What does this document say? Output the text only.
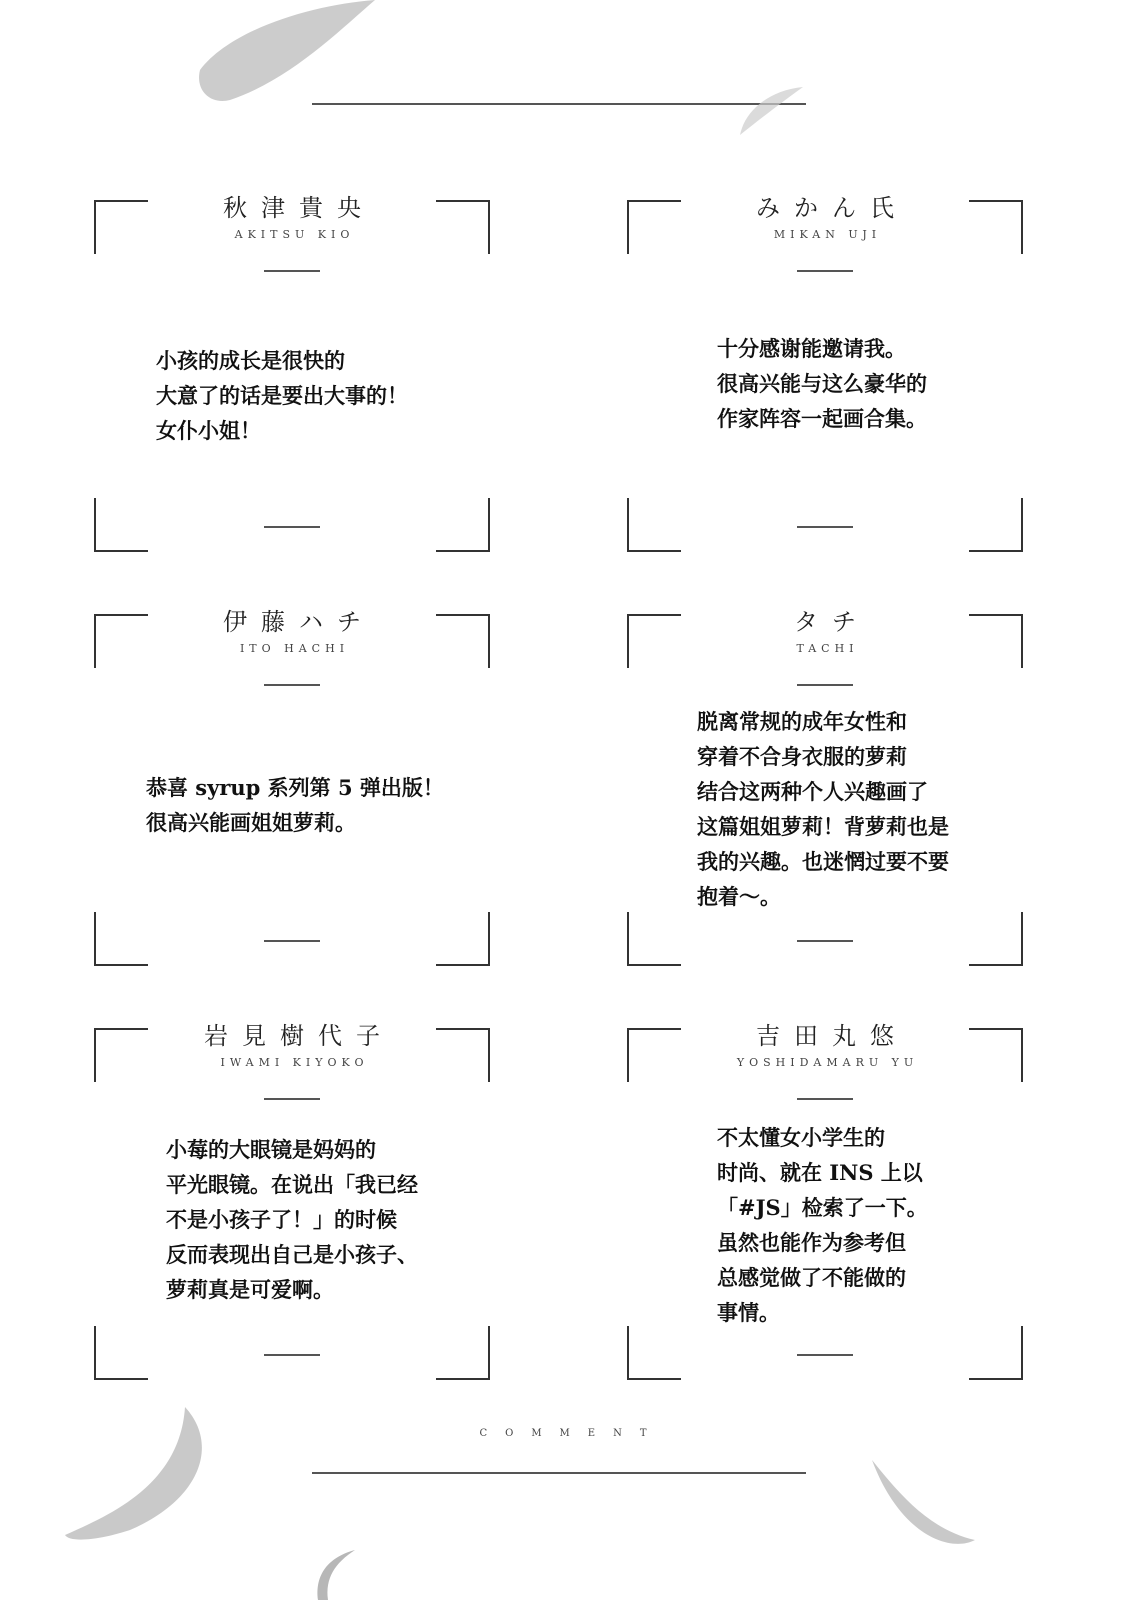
秋津貴央
AKITSU KIO
小孩的成长是很快的
大意了的话是要出大事的！
女仆小姐！
みかん氏
MIKAN UJI
十分感谢能邀请我。
很高兴能与这么豪华的
作家阵容一起画合集。
伊藤ハチ
ITO HACHI
恭喜 syrup 系列第 5 弹出版！
很高兴能画姐姐萝莉。
タチ
TACHI
脱离常规的成年女性和
穿着不合身衣服的萝莉
结合这两种个人兴趣画了
这篇姐姐萝莉！背萝莉也是
我的兴趣。也迷惘过要不要
抱着～。
岩見樹代子
IWAMI KIYOKO
小莓的大眼镜是妈妈的
平光眼镜。在说出「我已经
不是小孩子了！」的时候
反而表现出自己是小孩子、
萝莉真是可爱啊。
吉田丸悠
YOSHIDAMARU YU
不太懂女小学生的
时尚、就在 INS 上以
「#JS」检索了一下。
虽然也能作为参考但
总感觉做了不能做的
事情。
COMMENT
